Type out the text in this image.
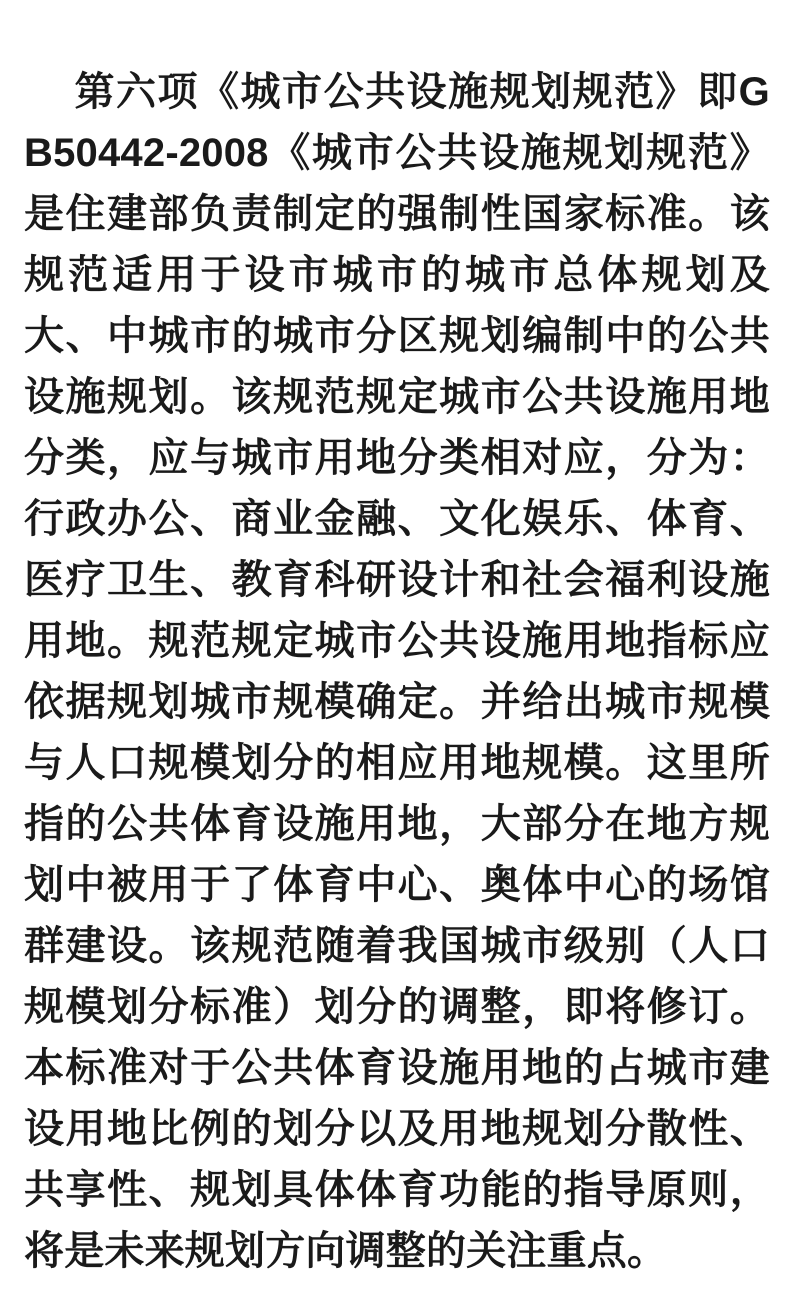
第六项《城市公共设施规划规范》即GB50442-2008《城市公共设施规划规范》是住建部负责制定的强制性国家标准。该规范适用于设市城市的城市总体规划及大、中城市的城市分区规划编制中的公共设施规划。该规范规定城市公共设施用地分类，应与城市用地分类相对应，分为：行政办公、商业金融、文化娱乐、体育、医疗卫生、教育科研设计和社会福利设施用地。规范规定城市公共设施用地指标应依据规划城市规模确定。并给出城市规模与人口规模划分的相应用地规模。这里所指的公共体育设施用地，大部分在地方规划中被用于了体育中心、奥体中心的场馆群建设。该规范随着我国城市级别（人口规模划分标准）划分的调整，即将修订。本标准对于公共体育设施用地的占城市建设用地比例的划分以及用地规划分散性、共享性、规划具体体育功能的指导原则，将是未来规划方向调整的关注重点。
